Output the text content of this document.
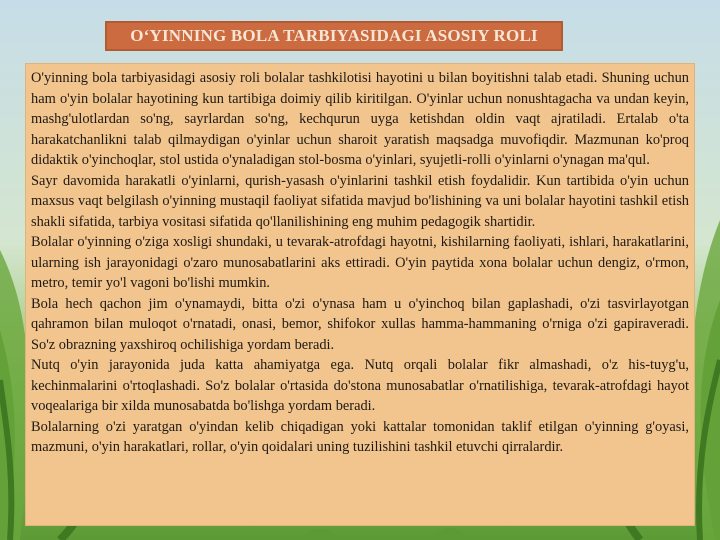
O‘YINNING BOLA TARBIYASIDAGI ASOSIY ROLI

O'yinning bola tarbiyasidagi asosiy roli bolalar tashkilotisi hayotini u bilan boyitishni talab etadi. Shuning uchun ham o'yin bolalar hayotining kun tartibiga doimiy qilib kiritilgan. O'yinlar uchun nonushtagacha va undan keyin, mashg'ulotlardan so'ng, sayrlardan so'ng, kechqurun uyga ketishdan oldin vaqt ajratiladi. Ertalab o'ta harakatchanlikni talab qilmaydigan o'yinlar uchun sharoit yaratish maqsadga muvofiqdir. Mazmunan ko'proq didaktik o'yinchoqlar, stol ustida o'ynaladigan stol-bosma o'yinlari, syujetli-rolli o'yinlarni o'ynagan ma'qul.

Sayr davomida harakatli o'yinlarni, qurish-yasash o'yinlarini tashkil etish foydalidir. Kun tartibida o'yin uchun maxsus vaqt belgilash o'yinning mustaqil faoliyat sifatida mavjud bo'lishining va uni bolalar hayotini tashkil etish shakli sifatida, tarbiya vositasi sifatida qo'llanilishining eng muhim pedagogik shartidir.

Bolalar o'yinning o'ziga xosligi shundaki, u tevarak-atrofdagi hayotni, kishilarning faoliyati, ishlari, harakatlarini, ularning ish jarayonidagi o'zaro munosabatlarini aks ettiradi. O'yin paytida xona bolalar uchun dengiz, o'rmon, metro, temir yo'l vagoni bo'lishi mumkin.

Bola hech qachon jim o'ynamaydi, bitta o'zi o'ynasa ham u o'yinchoq bilan gaplashadi, o'zi tasvirlayotgan qahramon bilan muloqot o'rnatadi, onasi, bemor, shifokor xullas hamma-hammaning o'rniga o'zi gapiraveradi. So'z obrazning yaxshiroq ochilishiga yordam beradi.

Nutq o'yin jarayonida juda katta ahamiyatga ega. Nutq orqali bolalar fikr almashadi, o'z his-tuyg'u, kechinmalarini o'rtoqlashadi. So'z bolalar o'rtasida do'stona munosabatlar o'rnatilishiga, tevarak-atrofdagi hayot voqealariga bir xilda munosabatda bo'lishga yordam beradi.

Bolalarning o'zi yaratgan o'yindan kelib chiqadigan yoki kattalar tomonidan taklif etilgan o'yinning g'oyasi, mazmuni, o'yin harakatlari, rollar, o'yin qoidalari uning tuzilishini tashkil etuvchi qirralardir.
